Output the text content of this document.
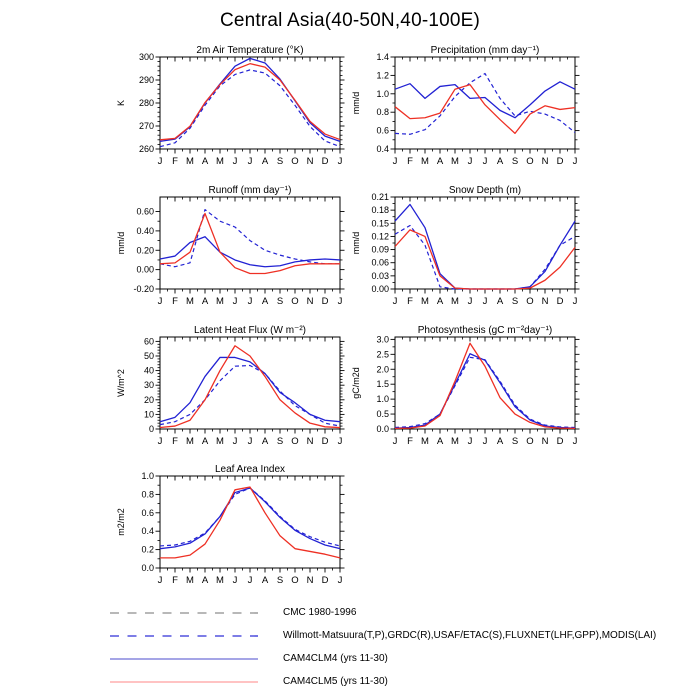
Central Asia(40-50N,40-100E)
2m Air Temperature (°K)
K
J F M A M J J A S O N D J
260
270
280
290
300
Precipitation (mm day⁻¹)
mm/d
J F M A M J J A S O N D J
0.4
0.6
0.8
1.0
1.2
1.4
Runoff (mm day⁻¹)
mm/d
J F M A M J J A S O N D J
-0.20
0.00
0.20
0.40
0.60
Snow Depth (m)
mm/d
J F M A M J J A S O N D J
0.00
0.03
0.06
0.09
0.12
0.15
0.18
0.21
Latent Heat Flux (W m⁻²)
W/m^2
J F M A M J J A S O N D J
0
10
20
30
40
50
60
Photosynthesis (gC m⁻²day⁻¹)
gC/m2d
J F M A M J J A S O N D J
0.0
0.5
1.0
1.5
2.0
2.5
3.0
Leaf Area Index
m2/m2
J F M A M J J A S O N D J
0.0
0.2
0.4
0.6
0.8
1.0
CMC 1980-1996
Willmott-Matsuura(T,P),GRDC(R),USAF/ETAC(S),FLUXNET(LHF,GPP),MODIS(LAI)
CAM4CLM4 (yrs 11-30)
CAM4CLM5 (yrs 11-30)
